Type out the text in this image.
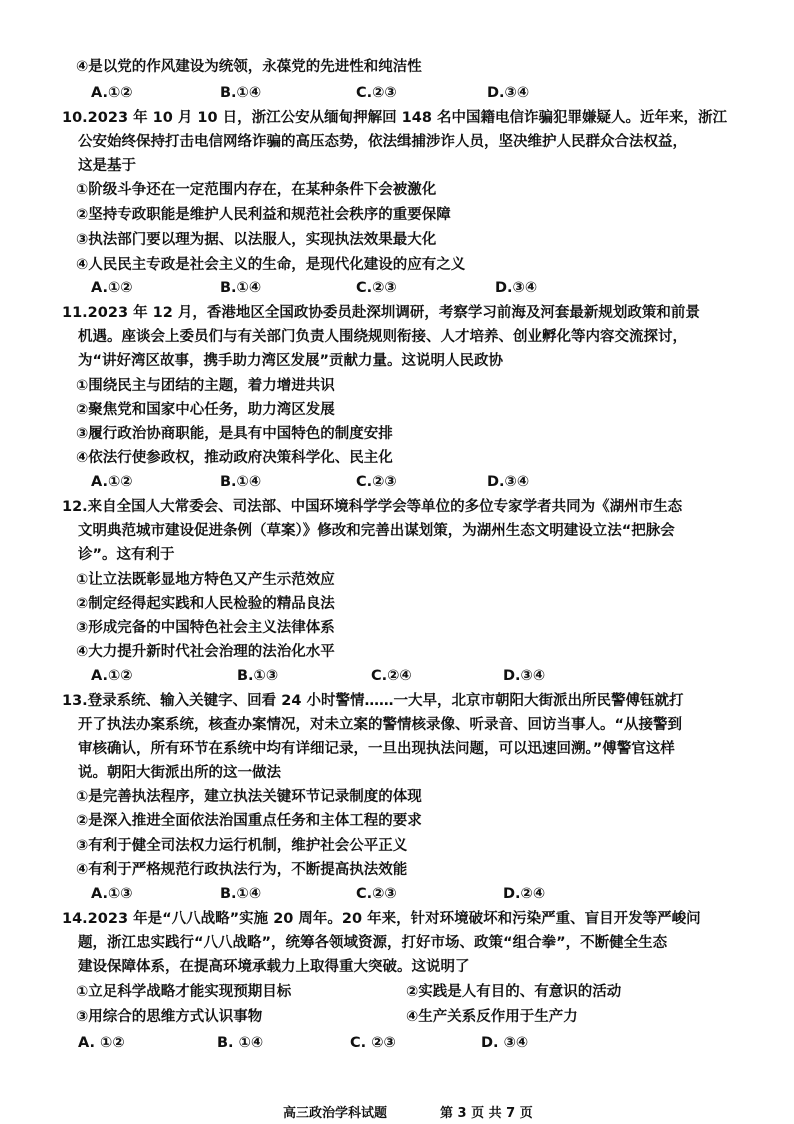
④是以党的作风建设为统领，永葆党的先进性和纯洁性
A.①②	B.①④	C.②③	D.③④
10.2023 年 10 月 10 日，浙江公安从缅甸押解回 148 名中国籍电信诈骗犯罪嫌疑人。近年来，浙江
公安始终保持打击电信网络诈骗的高压态势，依法缉捕涉诈人员，坚决维护人民群众合法权益，
这是基于
①阶级斗争还在一定范围内存在，在某种条件下会被激化
②坚持专政职能是维护人民利益和规范社会秩序的重要保障
③执法部门要以理为据、以法服人，实现执法效果最大化
④人民民主专政是社会主义的生命，是现代化建设的应有之义
A.①②	B.①④	C.②③	D.③④
11.2023 年 12 月，香港地区全国政协委员赴深圳调研，考察学习前海及河套最新规划政策和前景
机遇。座谈会上委员们与有关部门负责人围绕规则衔接、人才培养、创业孵化等内容交流探讨，
为“讲好湾区故事，携手助力湾区发展”贡献力量。这说明人民政协
①围绕民主与团结的主题，着力增进共识
②聚焦党和国家中心任务，助力湾区发展
③履行政治协商职能，是具有中国特色的制度安排
④依法行使参政权，推动政府决策科学化、民主化
A.①②	B.①④	C.②③	D.③④
12.来自全国人大常委会、司法部、中国环境科学学会等单位的多位专家学者共同为《湖州市生态
文明典范城市建设促进条例（草案）》修改和完善出谋划策，为湖州生态文明建设立法“把脉会
诊”。这有利于
①让立法既彰显地方特色又产生示范效应
②制定经得起实践和人民检验的精品良法
③形成完备的中国特色社会主义法律体系
④大力提升新时代社会治理的法治化水平
A.①②	B.①③	C.②④	D.③④
13.登录系统、输入关键字、回看 24 小时警情……一大早，北京市朝阳大街派出所民警傅钰就打
开了执法办案系统，核查办案情况，对未立案的警情核录像、听录音、回访当事人。“从接警到
审核确认，所有环节在系统中均有详细记录，一旦出现执法问题，可以迅速回溯。”傅警官这样
说。朝阳大街派出所的这一做法
①是完善执法程序，建立执法关键环节记录制度的体现
②是深入推进全面依法治国重点任务和主体工程的要求
③有利于健全司法权力运行机制，维护社会公平正义
④有利于严格规范行政执法行为，不断提高执法效能
A.①③	B.①④	C.②③	D.②④
14.2023 年是“八八战略”实施 20 周年。20 年来，针对环境破坏和污染严重、盲目开发等严峻问
题，浙江忠实践行“八八战略”，统筹各领域资源，打好市场、政策“组合拳”，不断健全生态
建设保障体系，在提高环境承载力上取得重大突破。这说明了
①立足科学战略才能实现预期目标	②实践是人有目的、有意识的活动
③用综合的思维方式认识事物	④生产关系反作用于生产力
A. ①②	B. ①④	C. ②③	D. ③④
高三政治学科试题	第 3 页 共 7 页
